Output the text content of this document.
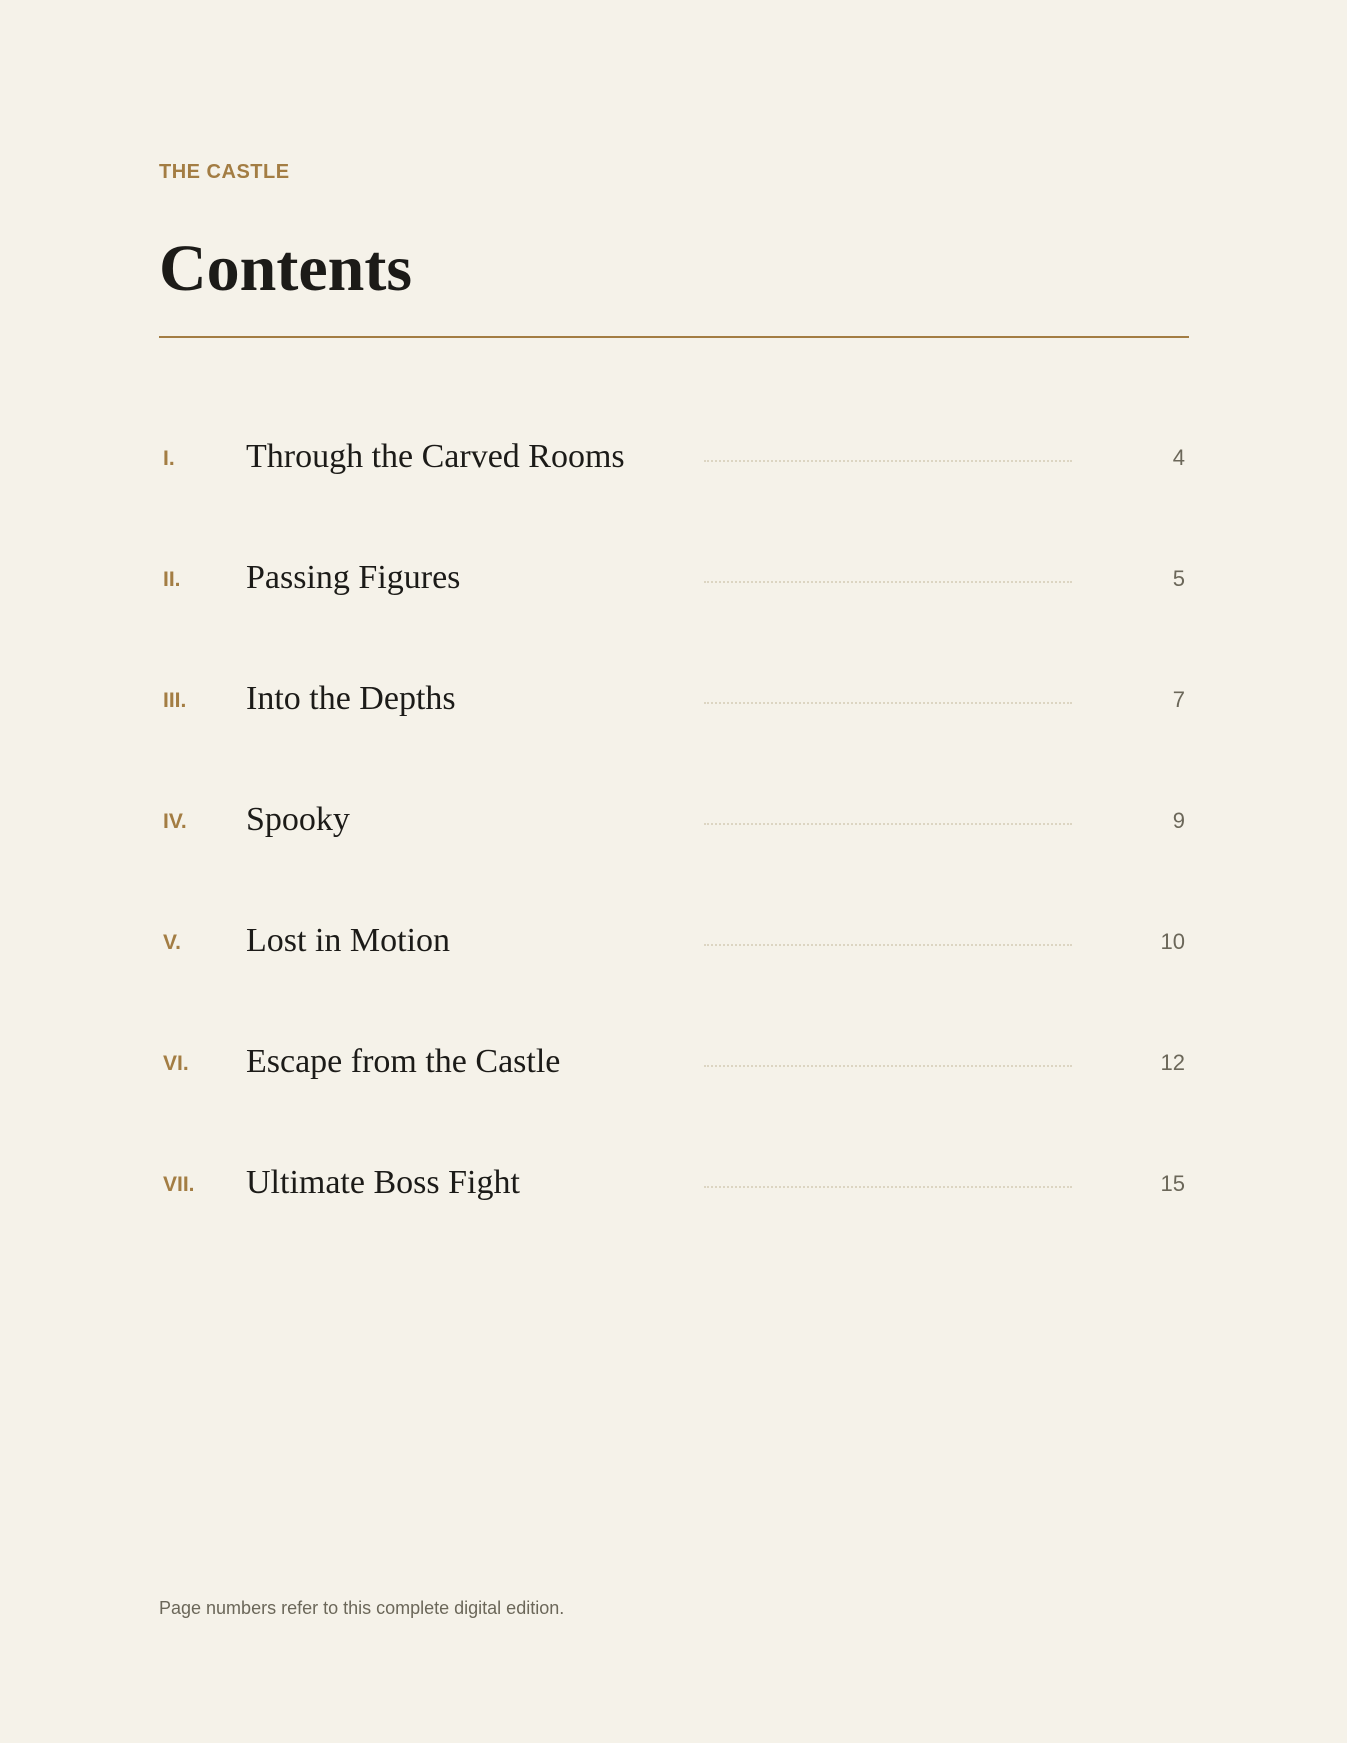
THE CASTLE
Contents
I. Through the Carved Rooms	4
II. Passing Figures	5
III. Into the Depths	7
IV. Spooky	9
V. Lost in Motion	10
VI. Escape from the Castle	12
VII. Ultimate Boss Fight	15
Page numbers refer to this complete digital edition.
